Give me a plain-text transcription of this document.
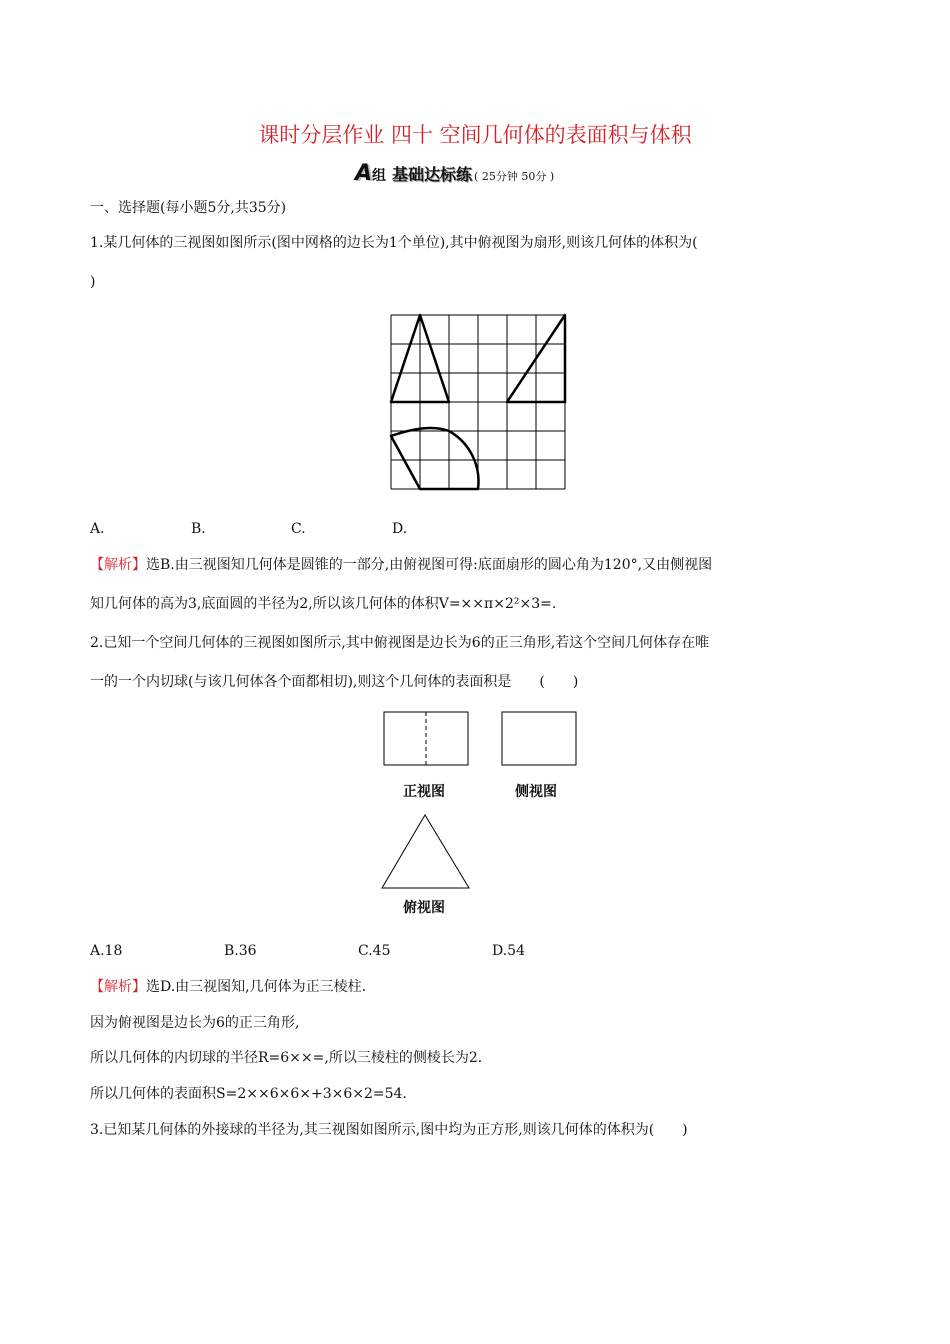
课时分层作业 四十 空间几何体的表面积与体积
A组 基础达标练 ( 25分钟 50分 )
一、选择题(每小题5分,共35分)
1.某几何体的三视图如图所示(图中网格的边长为1个单位),其中俯视图为扇形,则该几何体的体积为(
)
A.	B.	C.	D.
【解析】选B.由三视图知几何体是圆锥的一部分,由俯视图可得:底面扇形的圆心角为120°,又由侧视图
知几何体的高为3,底面圆的半径为2,所以该几何体的体积V=××π×2²×3=.
2.已知一个空间几何体的三视图如图所示,其中俯视图是边长为6的正三角形,若这个空间几何体存在唯
一的一个内切球(与该几何体各个面都相切),则这个几何体的表面积是　　(　　)
正视图	侧视图
俯视图
A.18	B.36	C.45	D.54
【解析】选D.由三视图知,几何体为正三棱柱.
因为俯视图是边长为6的正三角形,
所以几何体的内切球的半径R=6××=,所以三棱柱的侧棱长为2.
所以几何体的表面积S=2××6×6×+3×6×2=54.
3.已知某几何体的外接球的半径为,其三视图如图所示,图中均为正方形,则该几何体的体积为(　　)
